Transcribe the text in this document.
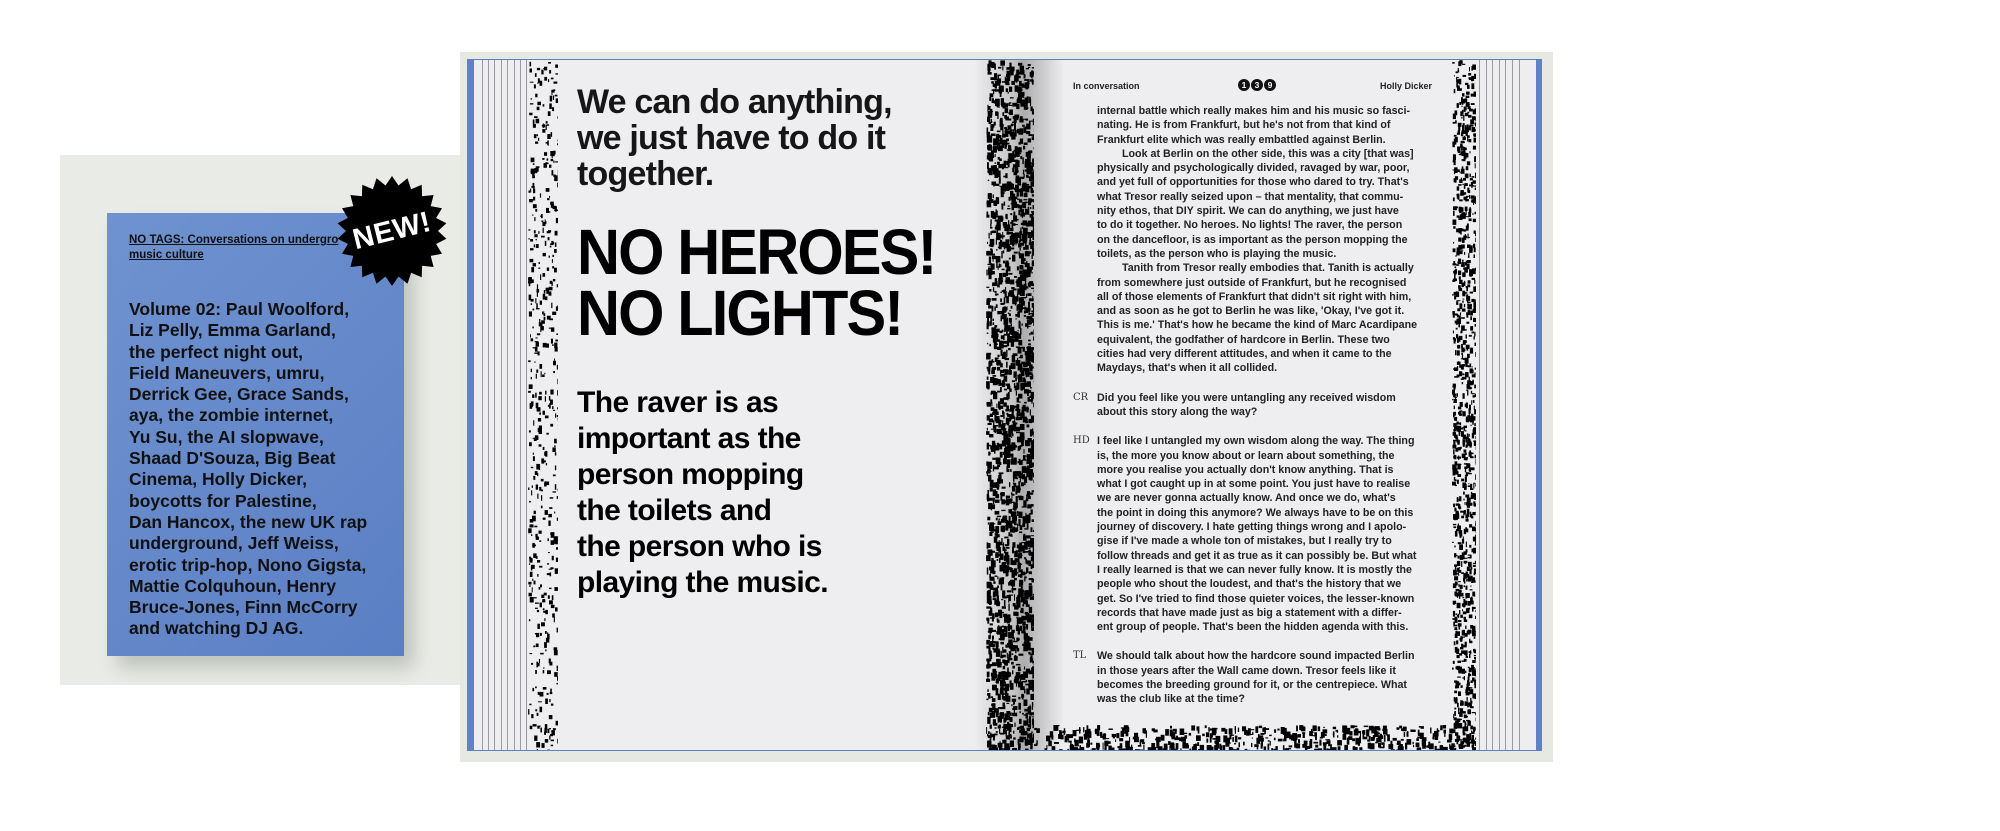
NO TAGS: Conversations on undergro
music culture
Volume 02: Paul Woolford,
Liz Pelly, Emma Garland,
the perfect night out,
Field Maneuvers, umru,
Derrick Gee, Grace Sands,
aya, the zombie internet,
Yu Su, the AI slopwave,
Shaad D'Souza, Big Beat
Cinema, Holly Dicker,
boycotts for Palestine,
Dan Hancox, the new UK rap
underground, Jeff Weiss,
erotic trip-hop, Nono Gigsta,
Mattie Colquhoun, Henry
Bruce-Jones, Finn McCorry
and watching DJ AG.
NEW!
We can do anything,
we just have to do it
together.
NO HEROES!
NO LIGHTS!
The raver is as
important as the
person mopping
the toilets and
the person who is
playing the music.
In conversation	1 3 9	Holly Dicker
internal battle which really makes him and his music so fasci-
nating. He is from Frankfurt, but he's not from that kind of
Frankfurt elite which was really embattled against Berlin.
Look at Berlin on the other side, this was a city [that was]
physically and psychologically divided, ravaged by war, poor,
and yet full of opportunities for those who dared to try. That's
what Tresor really seized upon – that mentality, that commu-
nity ethos, that DIY spirit. We can do anything, we just have
to do it together. No heroes. No lights! The raver, the person
on the dancefloor, is as important as the person mopping the
toilets, as the person who is playing the music.
Tanith from Tresor really embodies that. Tanith is actually
from somewhere just outside of Frankfurt, but he recognised
all of those elements of Frankfurt that didn't sit right with him,
and as soon as he got to Berlin he was like, 'Okay, I've got it.
This is me.' That's how he became the kind of Marc Acardipane
equivalent, the godfather of hardcore in Berlin. These two
cities had very different attitudes, and when it came to the
Maydays, that's when it all collided.
CR Did you feel like you were untangling any received wisdom
about this story along the way?
HD I feel like I untangled my own wisdom along the way. The thing
is, the more you know about or learn about something, the
more you realise you actually don't know anything. That is
what I got caught up in at some point. You just have to realise
we are never gonna actually know. And once we do, what's
the point in doing this anymore? We always have to be on this
journey of discovery. I hate getting things wrong and I apolo-
gise if I've made a whole ton of mistakes, but I really try to
follow threads and get it as true as it can possibly be. But what
I really learned is that we can never fully know. It is mostly the
people who shout the loudest, and that's the history that we
get. So I've tried to find those quieter voices, the lesser-known
records that have made just as big a statement with a differ-
ent group of people. That's been the hidden agenda with this.
TL We should talk about how the hardcore sound impacted Berlin
in those years after the Wall came down. Tresor feels like it
becomes the breeding ground for it, or the centrepiece. What
was the club like at the time?
